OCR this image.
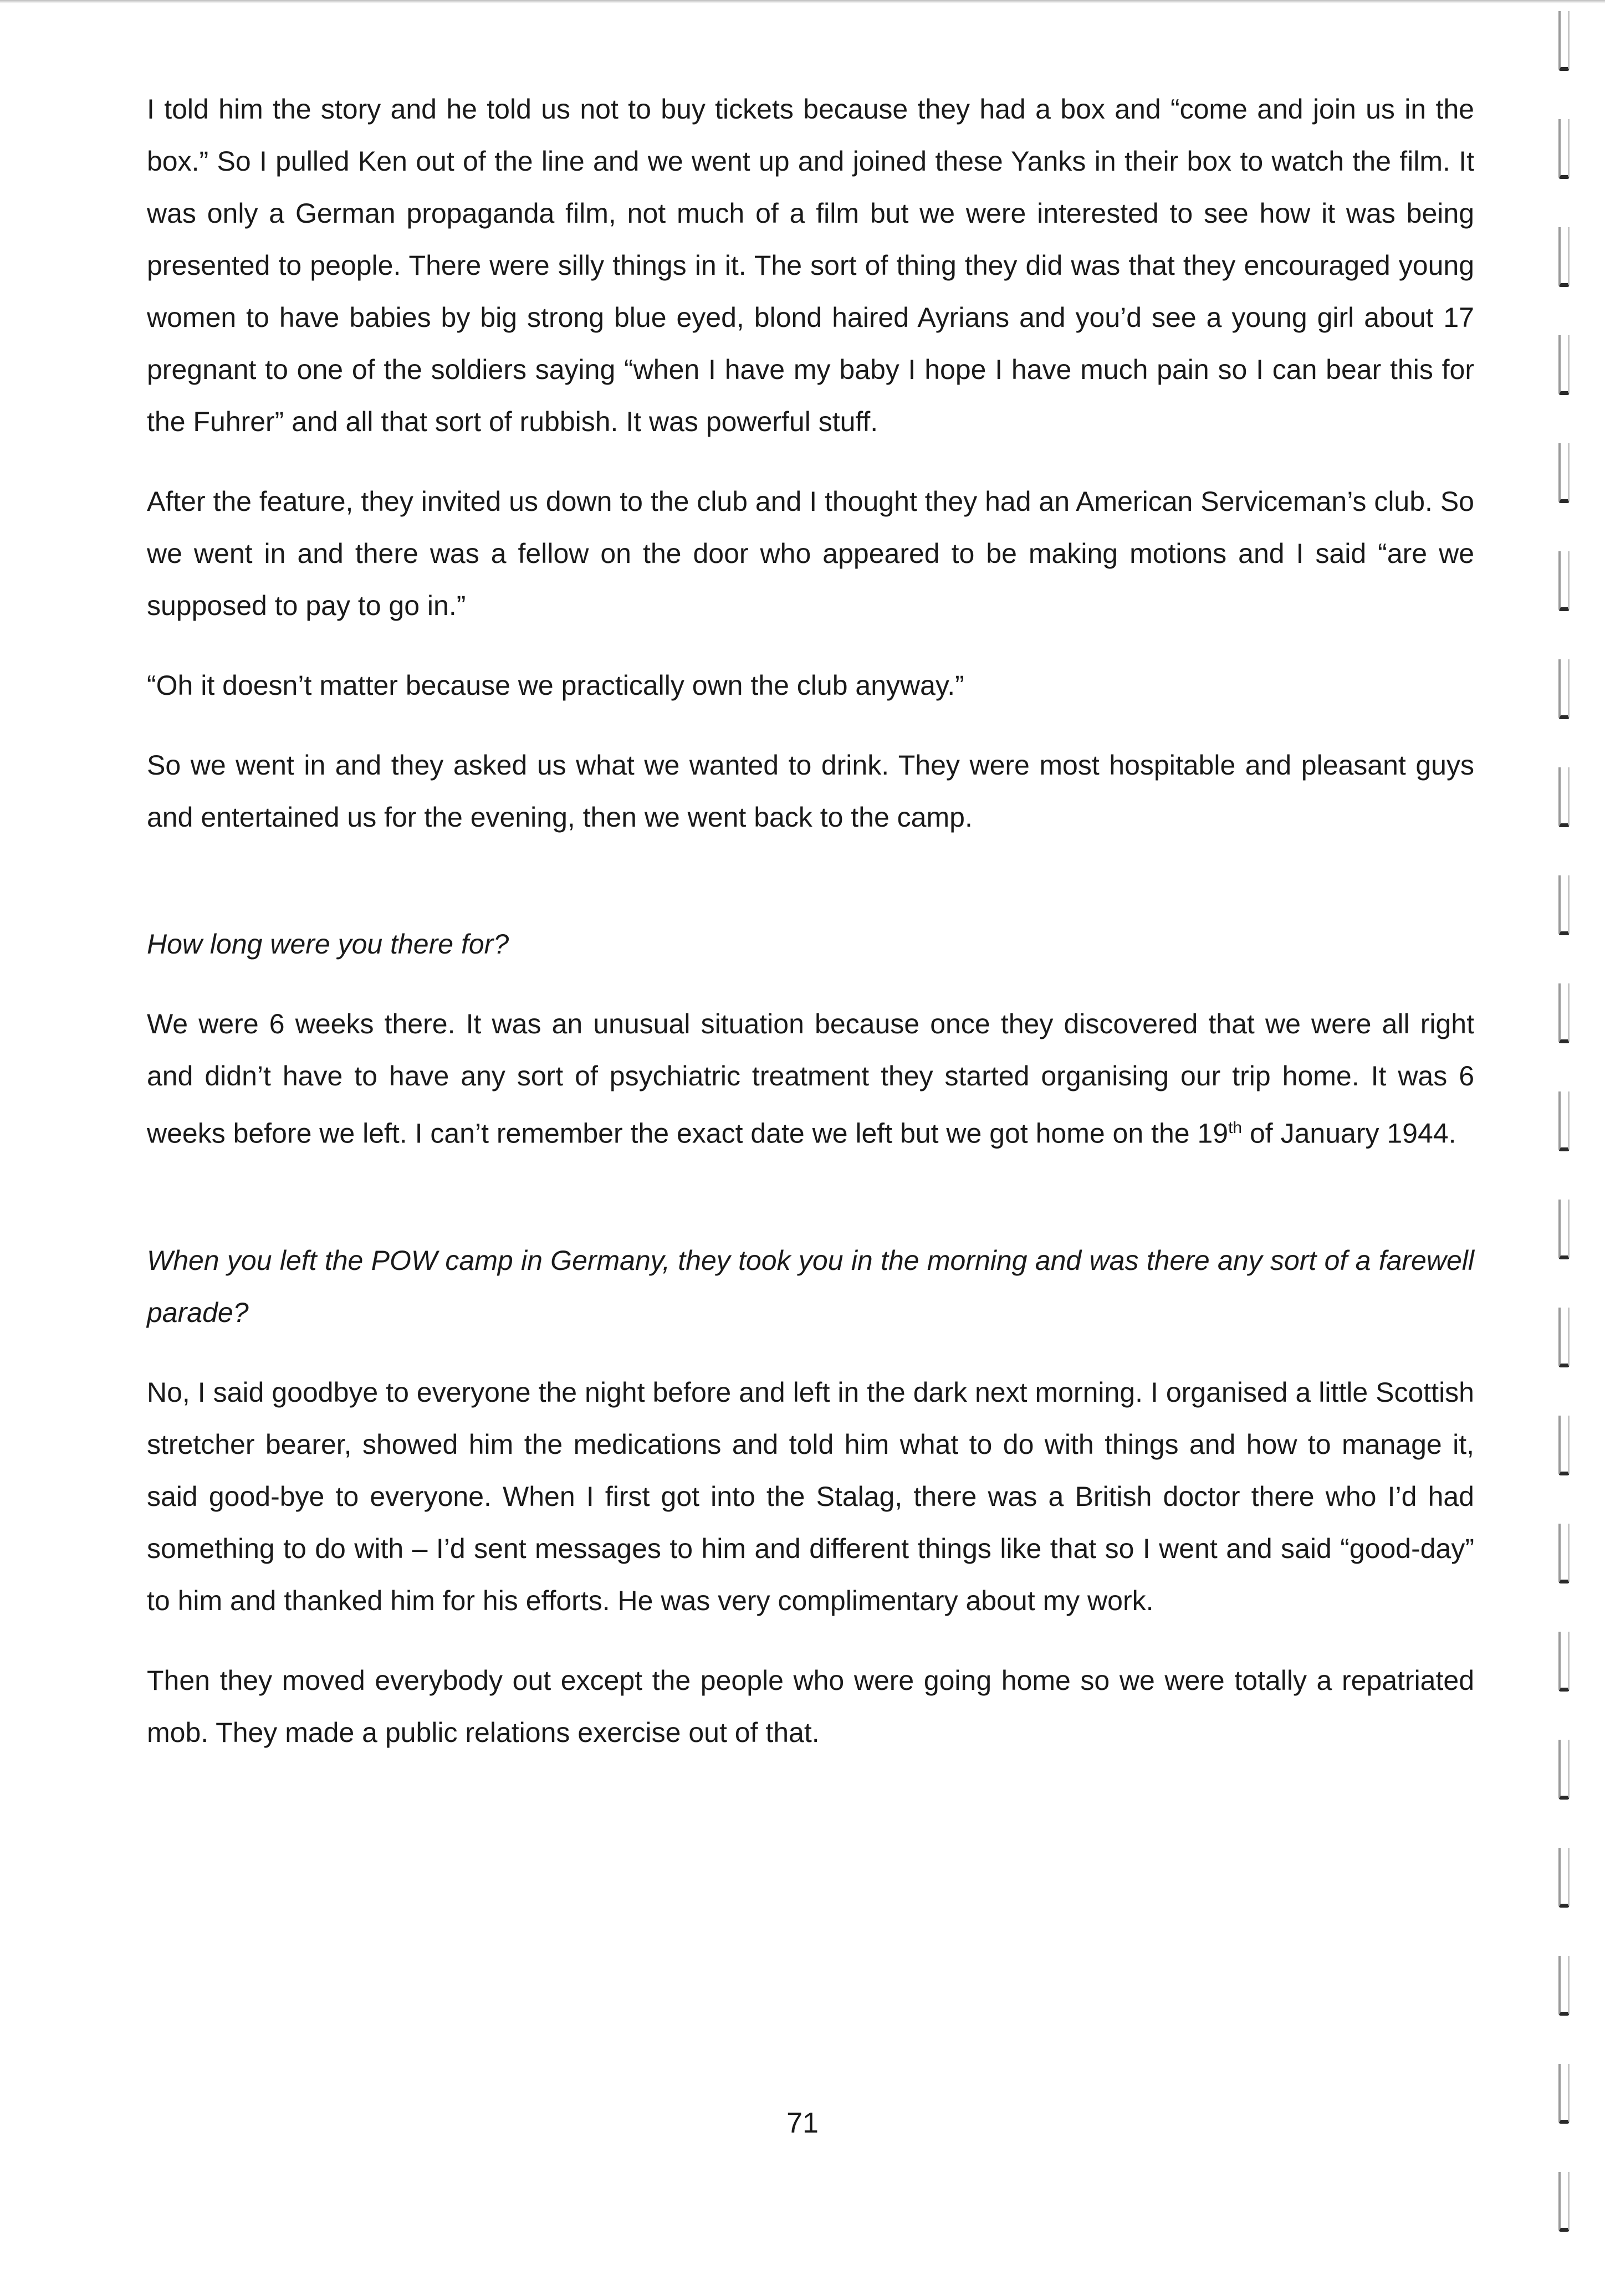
I told him the story and he told us not to buy tickets because they had a box and “come and join us in the box.” So I pulled Ken out of the line and we went up and joined these Yanks in their box to watch the film. It was only a German propaganda film, not much of a film but we were interested to see how it was being presented to people. There were silly things in it. The sort of thing they did was that they encouraged young women to have babies by big strong blue eyed, blond haired Ayrians and you’d see a young girl about 17 pregnant to one of the soldiers saying “when I have my baby I hope I have much pain so I can bear this for the Fuhrer” and all that sort of rubbish. It was powerful stuff.

After the feature, they invited us down to the club and I thought they had an American Serviceman’s club. So we went in and there was a fellow on the door who appeared to be making motions and I said “are we supposed to pay to go in.”

“Oh it doesn’t matter because we practically own the club anyway.”

So we went in and they asked us what we wanted to drink. They were most hospitable and pleasant guys and entertained us for the evening, then we went back to the camp.

How long were you there for?

We were 6 weeks there. It was an unusual situation because once they discovered that we were all right and didn’t have to have any sort of psychiatric treatment they started organising our trip home. It was 6 weeks before we left. I can’t remember the exact date we left but we got home on the 19th of January 1944.

When you left the POW camp in Germany, they took you in the morning and was there any sort of a farewell parade?

No, I said goodbye to everyone the night before and left in the dark next morning. I organised a little Scottish stretcher bearer, showed him the medications and told him what to do with things and how to manage it, said good-bye to everyone. When I first got into the Stalag, there was a British doctor there who I’d had something to do with – I’d sent messages to him and different things like that so I went and said “good-day” to him and thanked him for his efforts. He was very complimentary about my work.

Then they moved everybody out except the people who were going home so we were totally a repatriated mob. They made a public relations exercise out of that.

71
